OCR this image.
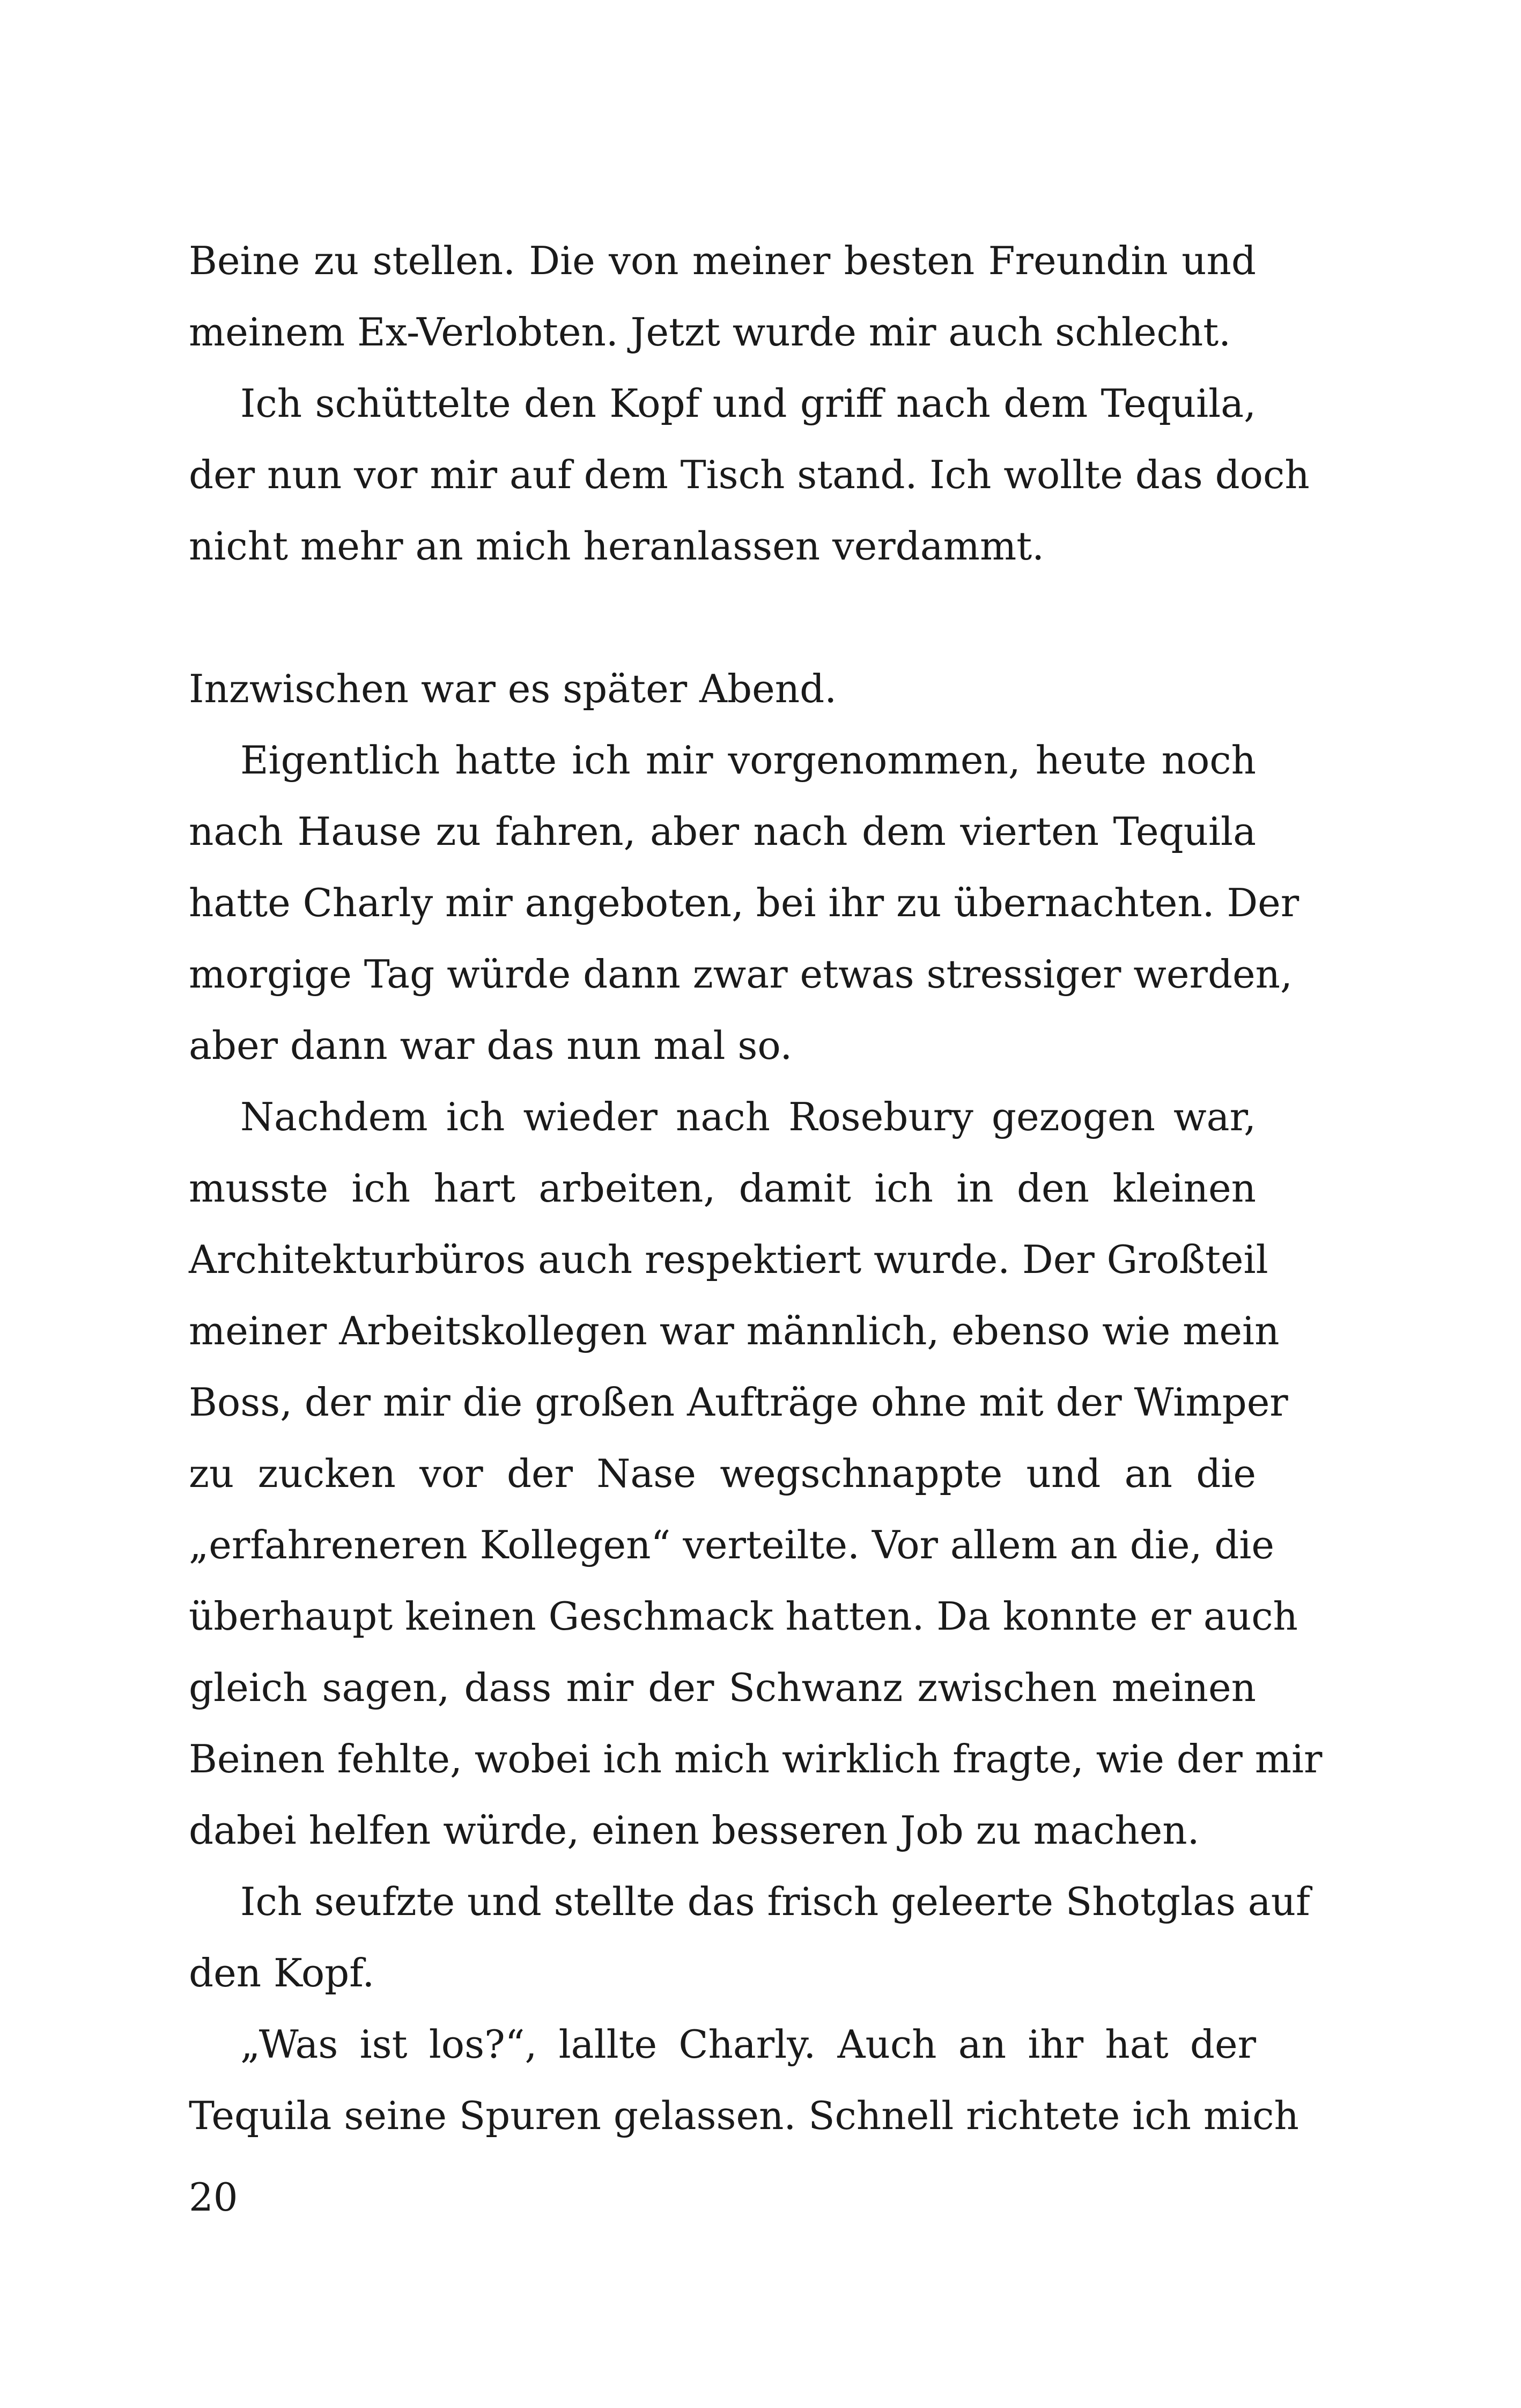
Beine zu stellen. Die von meiner besten Freundin und
meinem Ex-Verlobten. Jetzt wurde mir auch schlecht.

Ich schüttelte den Kopf und griff nach dem Tequila,
der nun vor mir auf dem Tisch stand. Ich wollte das doch
nicht mehr an mich heranlassen verdammt.

Inzwischen war es später Abend.

Eigentlich hatte ich mir vorgenommen, heute noch
nach Hause zu fahren, aber nach dem vierten Tequila
hatte Charly mir angeboten, bei ihr zu übernachten. Der
morgige Tag würde dann zwar etwas stressiger werden,
aber dann war das nun mal so.

Nachdem ich wieder nach Rosebury gezogen war,
musste ich hart arbeiten, damit ich in den kleinen
Architekturbüros auch respektiert wurde. Der Großteil
meiner Arbeitskollegen war männlich, ebenso wie mein
Boss, der mir die großen Aufträge ohne mit der Wimper
zu zucken vor der Nase wegschnappte und an die
„erfahreneren Kollegen“ verteilte. Vor allem an die, die
überhaupt keinen Geschmack hatten. Da konnte er auch
gleich sagen, dass mir der Schwanz zwischen meinen
Beinen fehlte, wobei ich mich wirklich fragte, wie der mir
dabei helfen würde, einen besseren Job zu machen.

Ich seufzte und stellte das frisch geleerte Shotglas auf
den Kopf.

„Was ist los?“, lallte Charly. Auch an ihr hat der
Tequila seine Spuren gelassen. Schnell richtete ich mich

20
